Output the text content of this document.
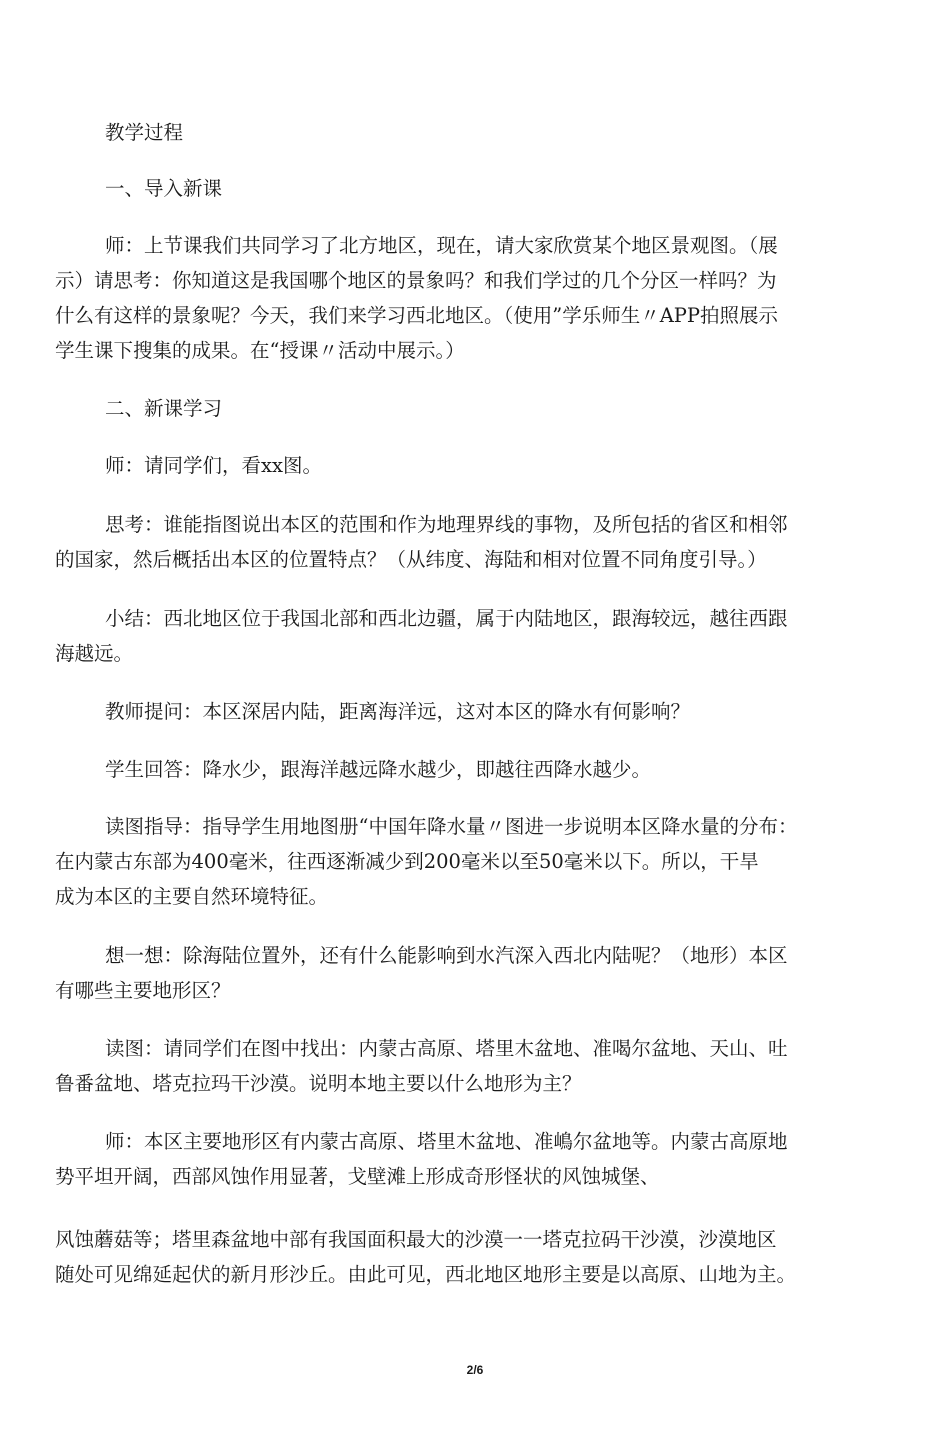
教学过程
一、导入新课
师：上节课我们共同学习了北方地区，现在，请大家欣赏某个地区景观图。（展
示）请思考：你知道这是我国哪个地区的景象吗？和我们学过的几个分区一样吗？为
什么有这样的景象呢？今天，我们来学习西北地区。（使用”学乐师生〃APP拍照展示
学生课下搜集的成果。在“授课〃活动中展示。）
二、新课学习
师：请同学们，看xx图。
思考：谁能指图说出本区的范围和作为地理界线的事物，及所包括的省区和相邻
的国家，然后概括出本区的位置特点？（从纬度、海陆和相对位置不同角度引导。）
小结：西北地区位于我国北部和西北边疆，属于内陆地区，跟海较远，越往西跟
海越远。
教师提问：本区深居内陆，距离海洋远，这对本区的降水有何影响？
学生回答：降水少，跟海洋越远降水越少，即越往西降水越少。
读图指导：指导学生用地图册“中国年降水量〃图进一步说明本区降水量的分布：
在内蒙古东部为400毫米，往西逐渐减少到200毫米以至50毫米以下。所以，干旱
成为本区的主要自然环境特征。
想一想：除海陆位置外，还有什么能影响到水汽深入西北内陆呢？（地形）本区
有哪些主要地形区？
读图：请同学们在图中找出：内蒙古高原、塔里木盆地、准喝尔盆地、天山、吐
鲁番盆地、塔克拉玛干沙漠。说明本地主要以什么地形为主？
师：本区主要地形区有内蒙古高原、塔里木盆地、准嶋尔盆地等。内蒙古高原地
势平坦开阔，西部风蚀作用显著，戈壁滩上形成奇形怪状的风蚀城堡、
风蚀蘑菇等；塔里森盆地中部有我国面积最大的沙漠一一塔克拉码干沙漠，沙漠地区
随处可见绵延起伏的新月形沙丘。由此可见，西北地区地形主要是以高原、山地为主。
2/6
